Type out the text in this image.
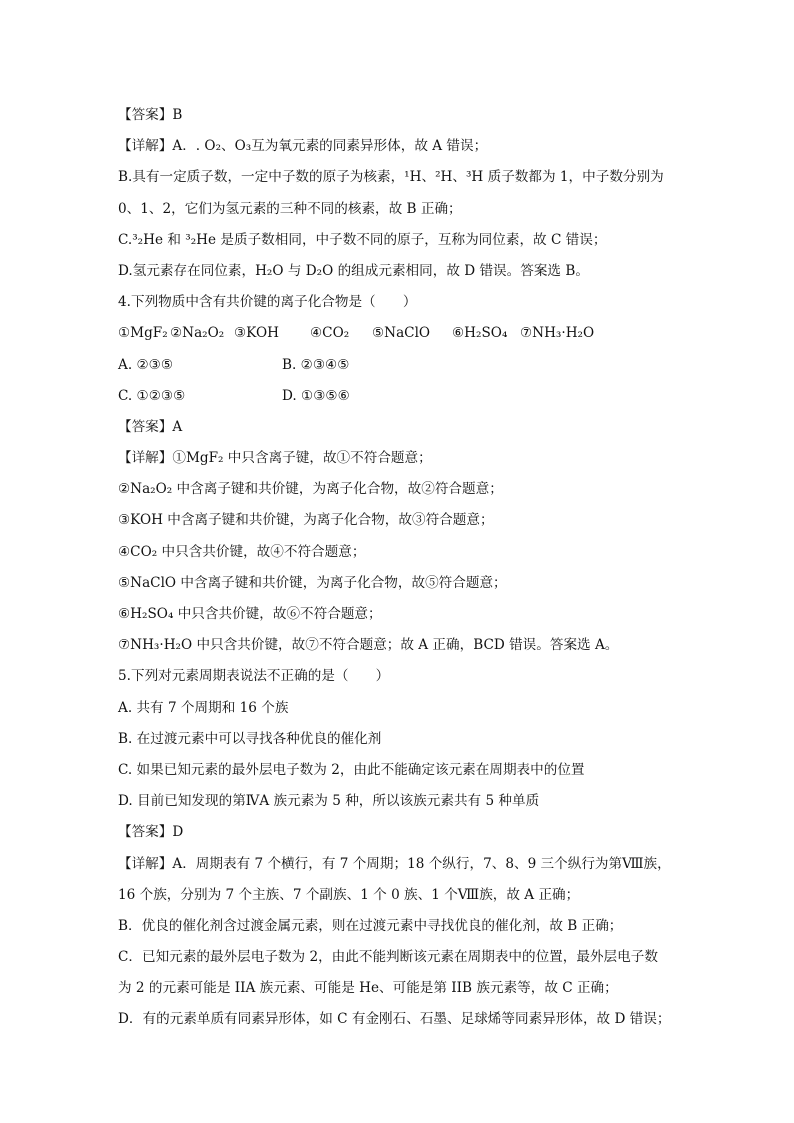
【答案】B
【详解】A．. O₂、O₃互为氧元素的同素异形体，故 A 错误；
B.具有一定质子数，一定中子数的原子为核素，¹H、²H、³H 质子数都为 1，中子数分别为
0、1、2，它们为氢元素的三种不同的核素，故 B 正确；
C.³₂He 和 ³₂He 是质子数相同，中子数不同的原子，互称为同位素，故 C 错误；
D.氢元素存在同位素，H₂O 与 D₂O 的组成元素相同，故 D 错误。答案选 B。
4.下列物质中含有共价键的离子化合物是（　　）
①MgF₂ ②Na₂O₂ ③KOH	④CO₂	⑤NaClO	⑥H₂SO₄ ⑦NH₃·H₂O
A. ②③⑤	B. ②③④⑤
C. ①②③⑤	D. ①③⑤⑥
【答案】A
【详解】①MgF₂ 中只含离子键，故①不符合题意；
②Na₂O₂ 中含离子键和共价键，为离子化合物，故②符合题意；
③KOH 中含离子键和共价键，为离子化合物，故③符合题意；
④CO₂ 中只含共价键，故④不符合题意；
⑤NaClO 中含离子键和共价键，为离子化合物，故⑤符合题意；
⑥H₂SO₄ 中只含共价键，故⑥不符合题意；
⑦NH₃·H₂O 中只含共价键，故⑦不符合题意；故 A 正确，BCD 错误。答案选 A。
5.下列对元素周期表说法不正确的是（　　）
A. 共有 7 个周期和 16 个族
B. 在过渡元素中可以寻找各种优良的催化剂
C. 如果已知元素的最外层电子数为 2，由此不能确定该元素在周期表中的位置
D. 目前已知发现的第ⅣA 族元素为 5 种，所以该族元素共有 5 种单质
【答案】D
【详解】A．周期表有 7 个横行，有 7 个周期；18 个纵行，7、8、9 三个纵行为第Ⅷ族，
16 个族，分别为 7 个主族、7 个副族、1 个 0 族、1 个Ⅷ族，故 A 正确；
B．优良的催化剂含过渡金属元素，则在过渡元素中寻找优良的催化剂，故 B 正确；
C．已知元素的最外层电子数为 2，由此不能判断该元素在周期表中的位置，最外层电子数
为 2 的元素可能是 IIA 族元素、可能是 He、可能是第 IIB 族元素等，故 C 正确；
D．有的元素单质有同素异形体，如 C 有金刚石、石墨、足球烯等同素异形体，故 D 错误；
